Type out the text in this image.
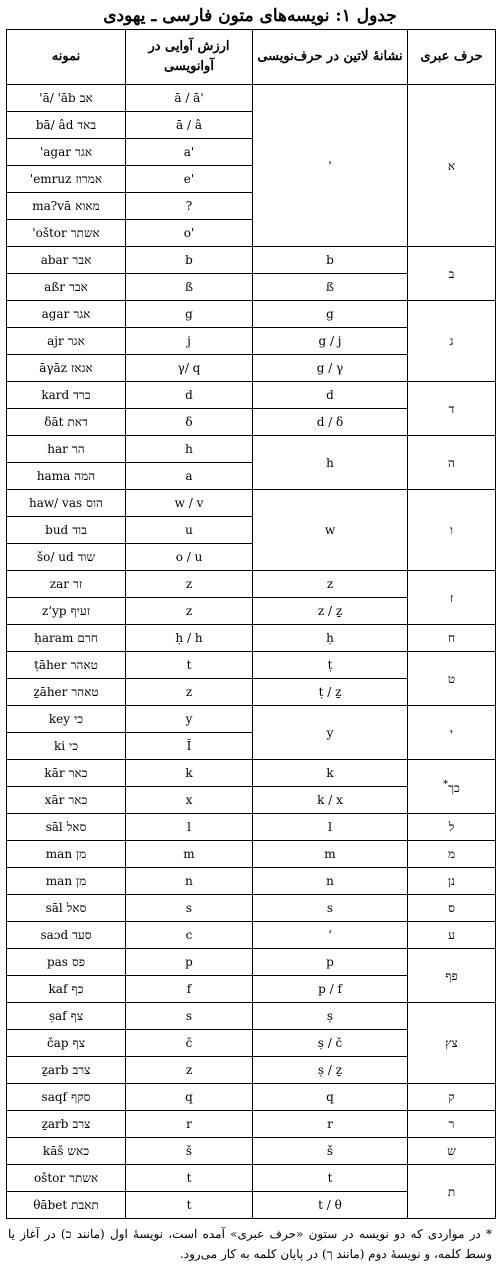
جدول ۱: نویسه‌های متون فارسی ـ یهودی
حرف عبری	نشانهٔ لاتین در حرف‌نویسی	ارزش آوایی در آوانویسی	نمونه
א	'	'ā / ā	'ā/ 'āb אב
		ā / â	bā/ âd באד
		'a	'agar אגר
		'e	'emruz אמרוז
		?	ma?vā מאוא
		'o	'oštor אשתר
ב	b	b	abar אבר
	ß	ß	aßr אבר
ג	g	g	agar אגר
	g / j	j	ajr אגר
	g / γ	γ/ q	āγāz אגאז
ד	d	d	kard כרד
	d / δ	δ	δāt דאת
ה	h	h	har הר
		a	hama המה
ו	w	w / v	haw/ vas הוס
		u	bud בוד
		o / u	šo/ ud שוד
ז	z	z	zar זר
	z / ẕ	z	z‘yp זעיף
ח	ḥ	ḥ / h	ḥaram חרם
ט	ṭ	t	ṭāher טאהר
	ṭ / ẕ	z	ẕāher טאהר
י	y	y	key כי
		Ĭ	ki כי
כך*	k	k	kār כאר
	k / x	x	xār כאר
ל	l	l	sāl סאל
מ	m	m	man מן
נן	n	n	man מן
ס	s	s	sāl סאל
ע	‘	c	saɔd סעד
פף	p	p	pas פס
	p / f	f	kaf כף
צץ	ṣ	s	ṣaf צף
	ṣ / č	č	čap צף
	ṣ / ẕ	z	ẕarb צרב
ק	q	q	saqf סקף
ר	r	r	ẕarb צרב
ש	š	š	kāš כאש
ת	t	t	oštor אשתר
	t / θ	t	θābet תאבת
* در مواردی که دو نویسه در ستون «حرف عبری» آمده است، نویسهٔ اول (مانند כ) در آغاز یا وسط کلمه، و نویسهٔ دوم (مانند ך) در پایان کلمه به کار می‌رود.
